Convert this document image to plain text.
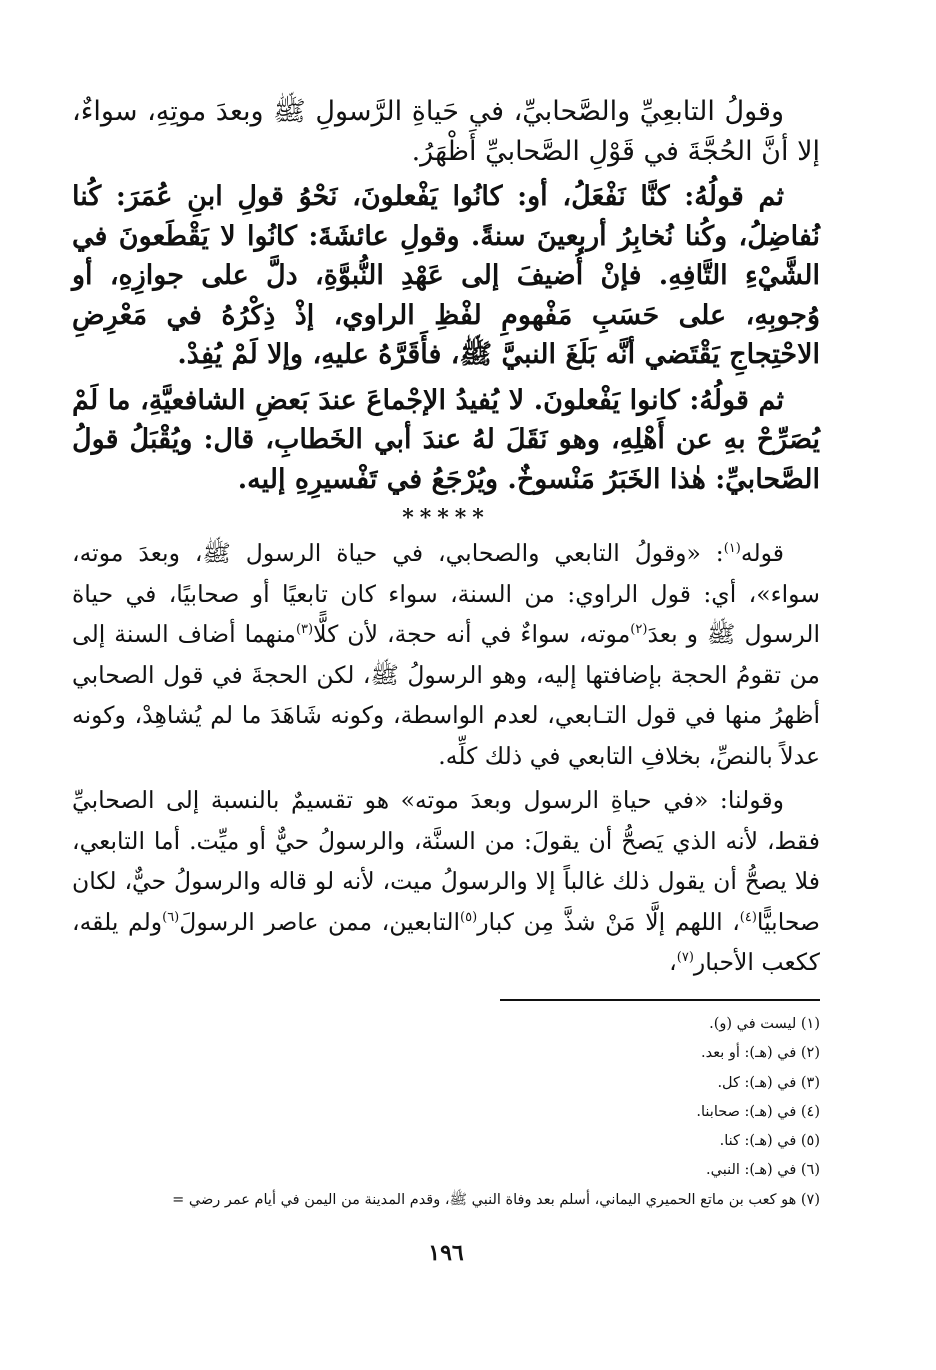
وقولُ التابعِيِّ والصَّحابيِّ، في حَياةِ الرَّسولِ ﷺ وبعدَ موتِهِ، سواءٌ، إلا أنَّ الحُجَّةَ في قَوْلِ الصَّحابيِّ أَظْهَرُ.

ثم قولُهُ: كنَّا نَفْعَلُ، أو: كانُوا يَفْعلونَ، نَحْوُ قولِ ابنِ عُمَرَ: كُنا نُفاضِلُ، وكُنا نُخابِرُ أربعينَ سنةً. وقولِ عائشَةَ: كانُوا لا يَقْطَعونَ في الشَّيْءِ التَّافِهِ. فإنْ أُضيفَ إلى عَهْدِ النُّبوَّةِ، دلَّ على جوازِهِ، أو وُجوبِهِ، على حَسَبِ مَفْهومِ لفْظِ الراوي، إذْ ذِكْرُهُ في مَعْرِضِ الاحْتِجاجِ يَقْتَضي أنَّه بَلَغَ النبيَّ ﷺ، فأَقَرَّهُ عليهِ، وإلا لَمْ يُفِدْ.

ثم قولُهُ: كانوا يَفْعلونَ. لا يُفيدُ الإجْماعَ عندَ بَعضِ الشافعيَّةِ، ما لَمْ يُصَرِّحْ بهِ عن أَهْلِهِ، وهو نَقَلَ لهُ عندَ أبي الخَطابِ، قال: ويُقْبَلُ قولُ الصَّحابيِّ: هٰذا الخَبَرُ مَنْسوخٌ. ويُرْجَعُ في تَفْسيرِهِ إليه.

*****

قوله$^{(١)}$: «وقولُ التابعي والصحابي، في حياة الرسول ﷺ، وبعدَ موته، سواء»، أي: قول الراوي: من السنة، سواء كان تابعيًا أو صحابيًا، في حياة الرسول ﷺ و بعدَ$^{(٢)}$موته، سواءٌ في أنه حجة، لأن كلًّا$^{(٣)}$منهما أضاف السنة إلى من تقومُ الحجة بإضافتها إليه، وهو الرسولُ ﷺ، لكن الحجةَ في قول الصحابي أظهرُ منها في قول التـابعي، لعدم الواسطة، وكونه شَاهَدَ ما لم يُشاهِدْ، وكونه عدلاً بالنصِّ، بخلافِ التابعي في ذلك كلِّه.

وقولنا: «في حياةِ الرسول وبعدَ موته» هو تقسيمٌ بالنسبة إلى الصحابيِّ فقط، لأنه الذي يَصحُّ أن يقولَ: من السنَّة، والرسولُ حيٌّ أو ميِّت. أما التابعي، فلا يصحُّ أن يقول ذلك غالباً إلا والرسولُ ميت، لأنه لو قاله والرسولُ حيٌّ، لكان صحابيًّا$^{(٤)}$، اللهم إلَّا مَنْ شذَّ مِن كبار$^{(٥)}$التابعين، ممن عاصر الرسولَ$^{(٦)}$ولم يلقه، ككعب الأحبار$^{(٧)}$،

(١) ليست في (و).
(٢) في (هـ): أو بعد.
(٣) في (هـ): كل.
(٤) في (هـ): صحابنا.
(٥) في (هـ): كنا.
(٦) في (هـ): النبي.
(٧) هو كعب بن ماتع الحميري اليماني، أسلم بعد وفاة النبي ﷺ، وقدم المدينة من اليمن في أيام عمر رضي =
١٩٦
